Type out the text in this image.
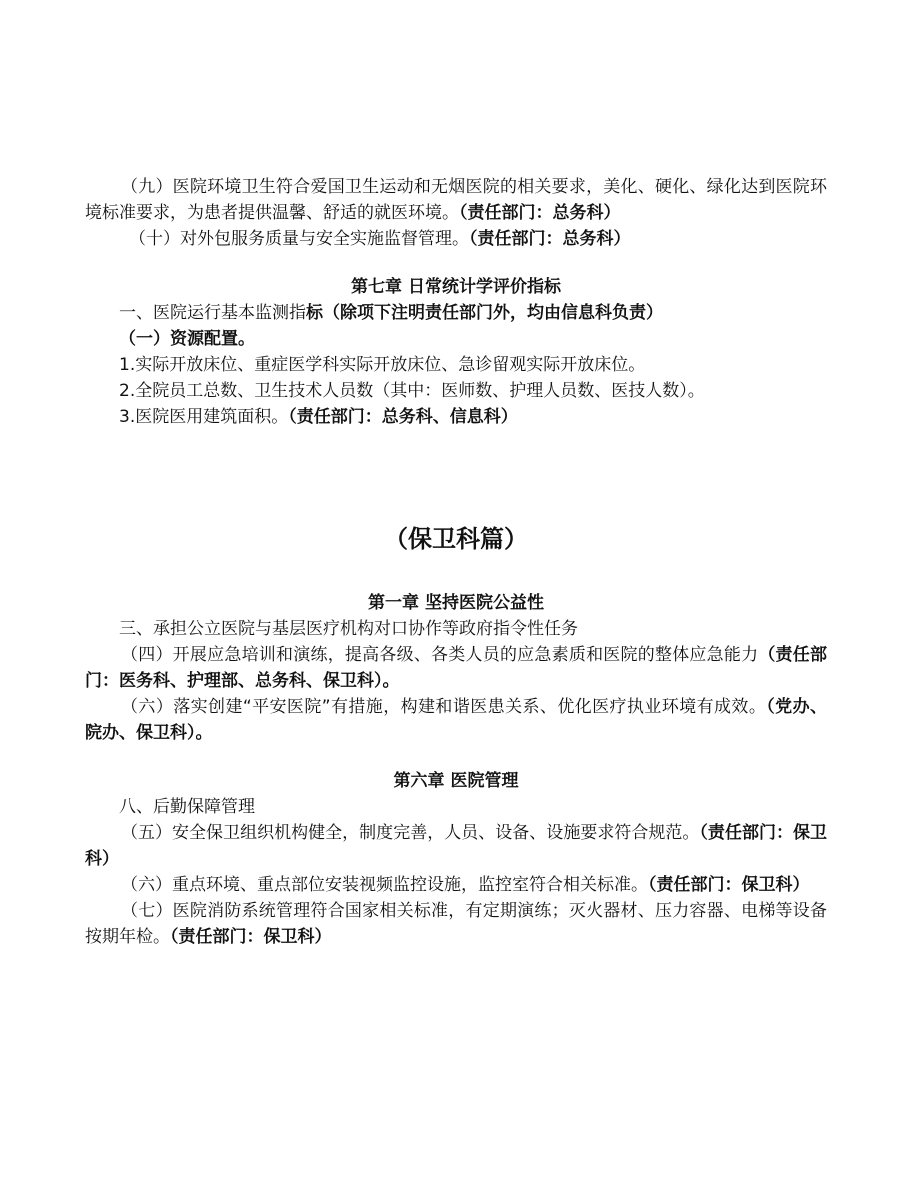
（九）医院环境卫生符合爱国卫生运动和无烟医院的相关要求，美化、硬化、绿化达到医院环境标准要求，为患者提供温馨、舒适的就医环境。（责任部门：总务科）

（十）对外包服务质量与安全实施监督管理。（责任部门：总务科）

第七章 日常统计学评价指标

一、医院运行基本监测指标（除项下注明责任部门外，均由信息科负责）

（一）资源配置。

1.实际开放床位、重症医学科实际开放床位、急诊留观实际开放床位。

2.全院员工总数、卫生技术人员数（其中：医师数、护理人员数、医技人数）。

3.医院医用建筑面积。（责任部门：总务科、信息科）

（保卫科篇）

第一章 坚持医院公益性

三、承担公立医院与基层医疗机构对口协作等政府指令性任务

（四）开展应急培训和演练，提高各级、各类人员的应急素质和医院的整体应急能力（责任部门：医务科、护理部、总务科、保卫科）。

（六）落实创建“平安医院”有措施，构建和谐医患关系、优化医疗执业环境有成效。（党办、院办、保卫科）。

第六章 医院管理

八、后勤保障管理

（五）安全保卫组织机构健全，制度完善，人员、设备、设施要求符合规范。（责任部门：保卫科）

（六）重点环境、重点部位安装视频监控设施，监控室符合相关标准。（责任部门：保卫科）

（七）医院消防系统管理符合国家相关标准，有定期演练；灭火器材、压力容器、电梯等设备按期年检。（责任部门：保卫科）
